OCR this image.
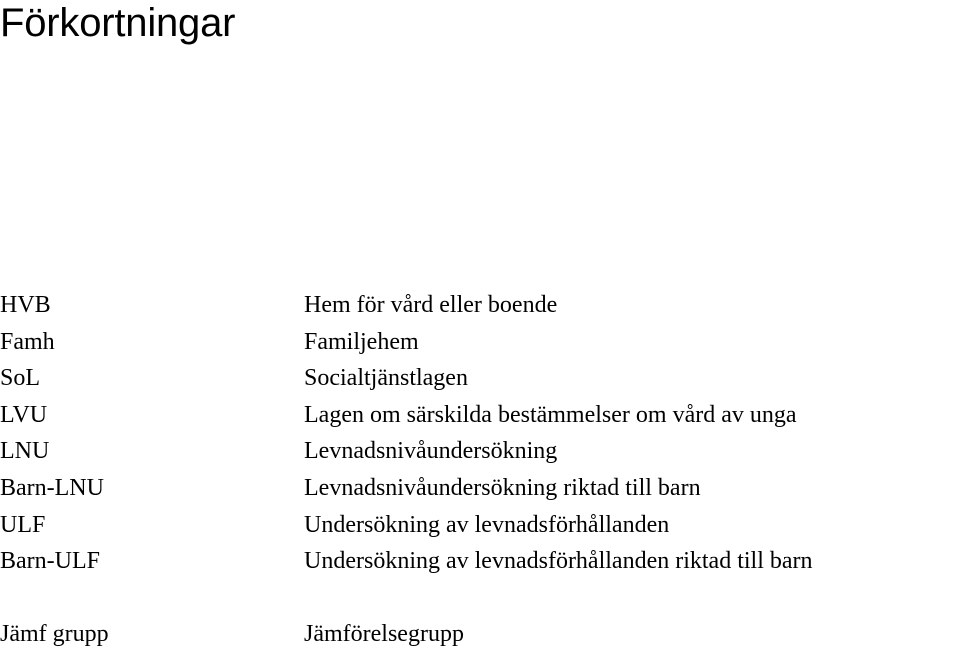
Förkortningar
HVB	Hem för vård eller boende
Famh	Familjehem
SoL	Socialtjänstlagen
LVU	Lagen om särskilda bestämmelser om vård av unga
LNU	Levnadsnivåundersökning
Barn-LNU	Levnadsnivåundersökning riktad till barn
ULF	Undersökning av levnadsförhållanden
Barn-ULF	Undersökning av levnadsförhållanden riktad till barn
Jämf grupp	Jämförelsegrupp
